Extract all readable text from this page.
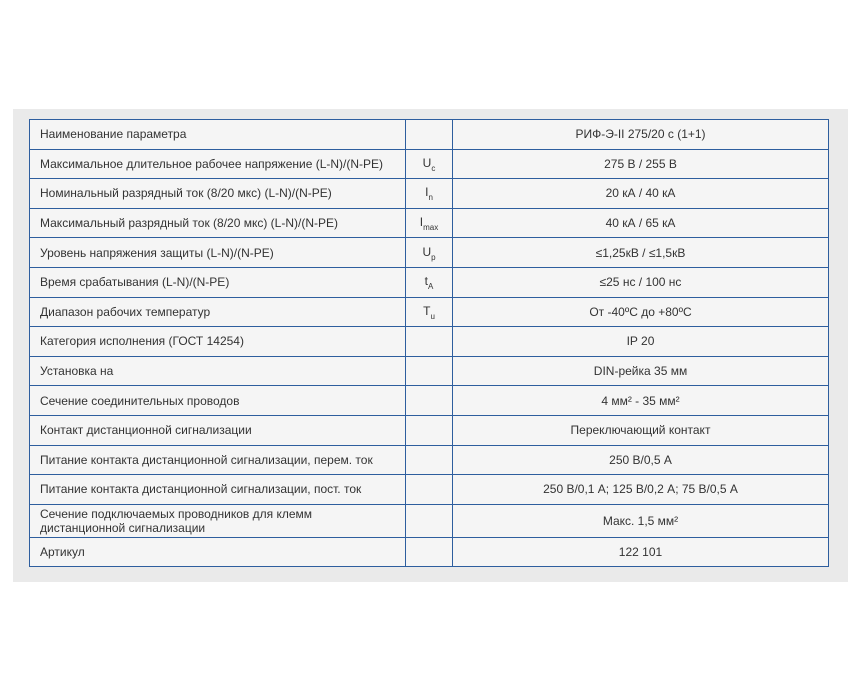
Наименование параметра		РИФ-Э-II 275/20 с (1+1)
Максимальное длительное рабочее напряжение (L-N)/(N-PE)	$U_c$	275 В / 255 В
Номинальный разрядный ток (8/20 мкс) (L-N)/(N-PE)	$I_n$	20 кА / 40 кА
Максимальный разрядный ток (8/20 мкс) (L-N)/(N-PE)	$I_{max}$	40 кА / 65 кА
Уровень напряжения защиты (L-N)/(N-PE)	$U_p$	≤1,25кВ / ≤1,5кВ
Время срабатывания (L-N)/(N-PE)	$t_A$	≤25 нс / 100 нс
Диапазон рабочих температур	$T_u$	От -40ºC до +80ºC
Категория исполнения (ГОСТ 14254)		IP 20
Установка на		DIN-рейка 35 мм
Сечение соединительных проводов		4 мм² - 35 мм²
Контакт дистанционной сигнализации		Переключающий контакт
Питание контакта дистанционной сигнализации, перем. ток		250 В/0,5 А
Питание контакта дистанционной сигнализации, пост. ток		250 В/0,1 А; 125 В/0,2 А; 75 В/0,5 А
Сечение подключаемых проводников для клемм дистанционной сигнализации		Макс. 1,5 мм²
Артикул		122 101
